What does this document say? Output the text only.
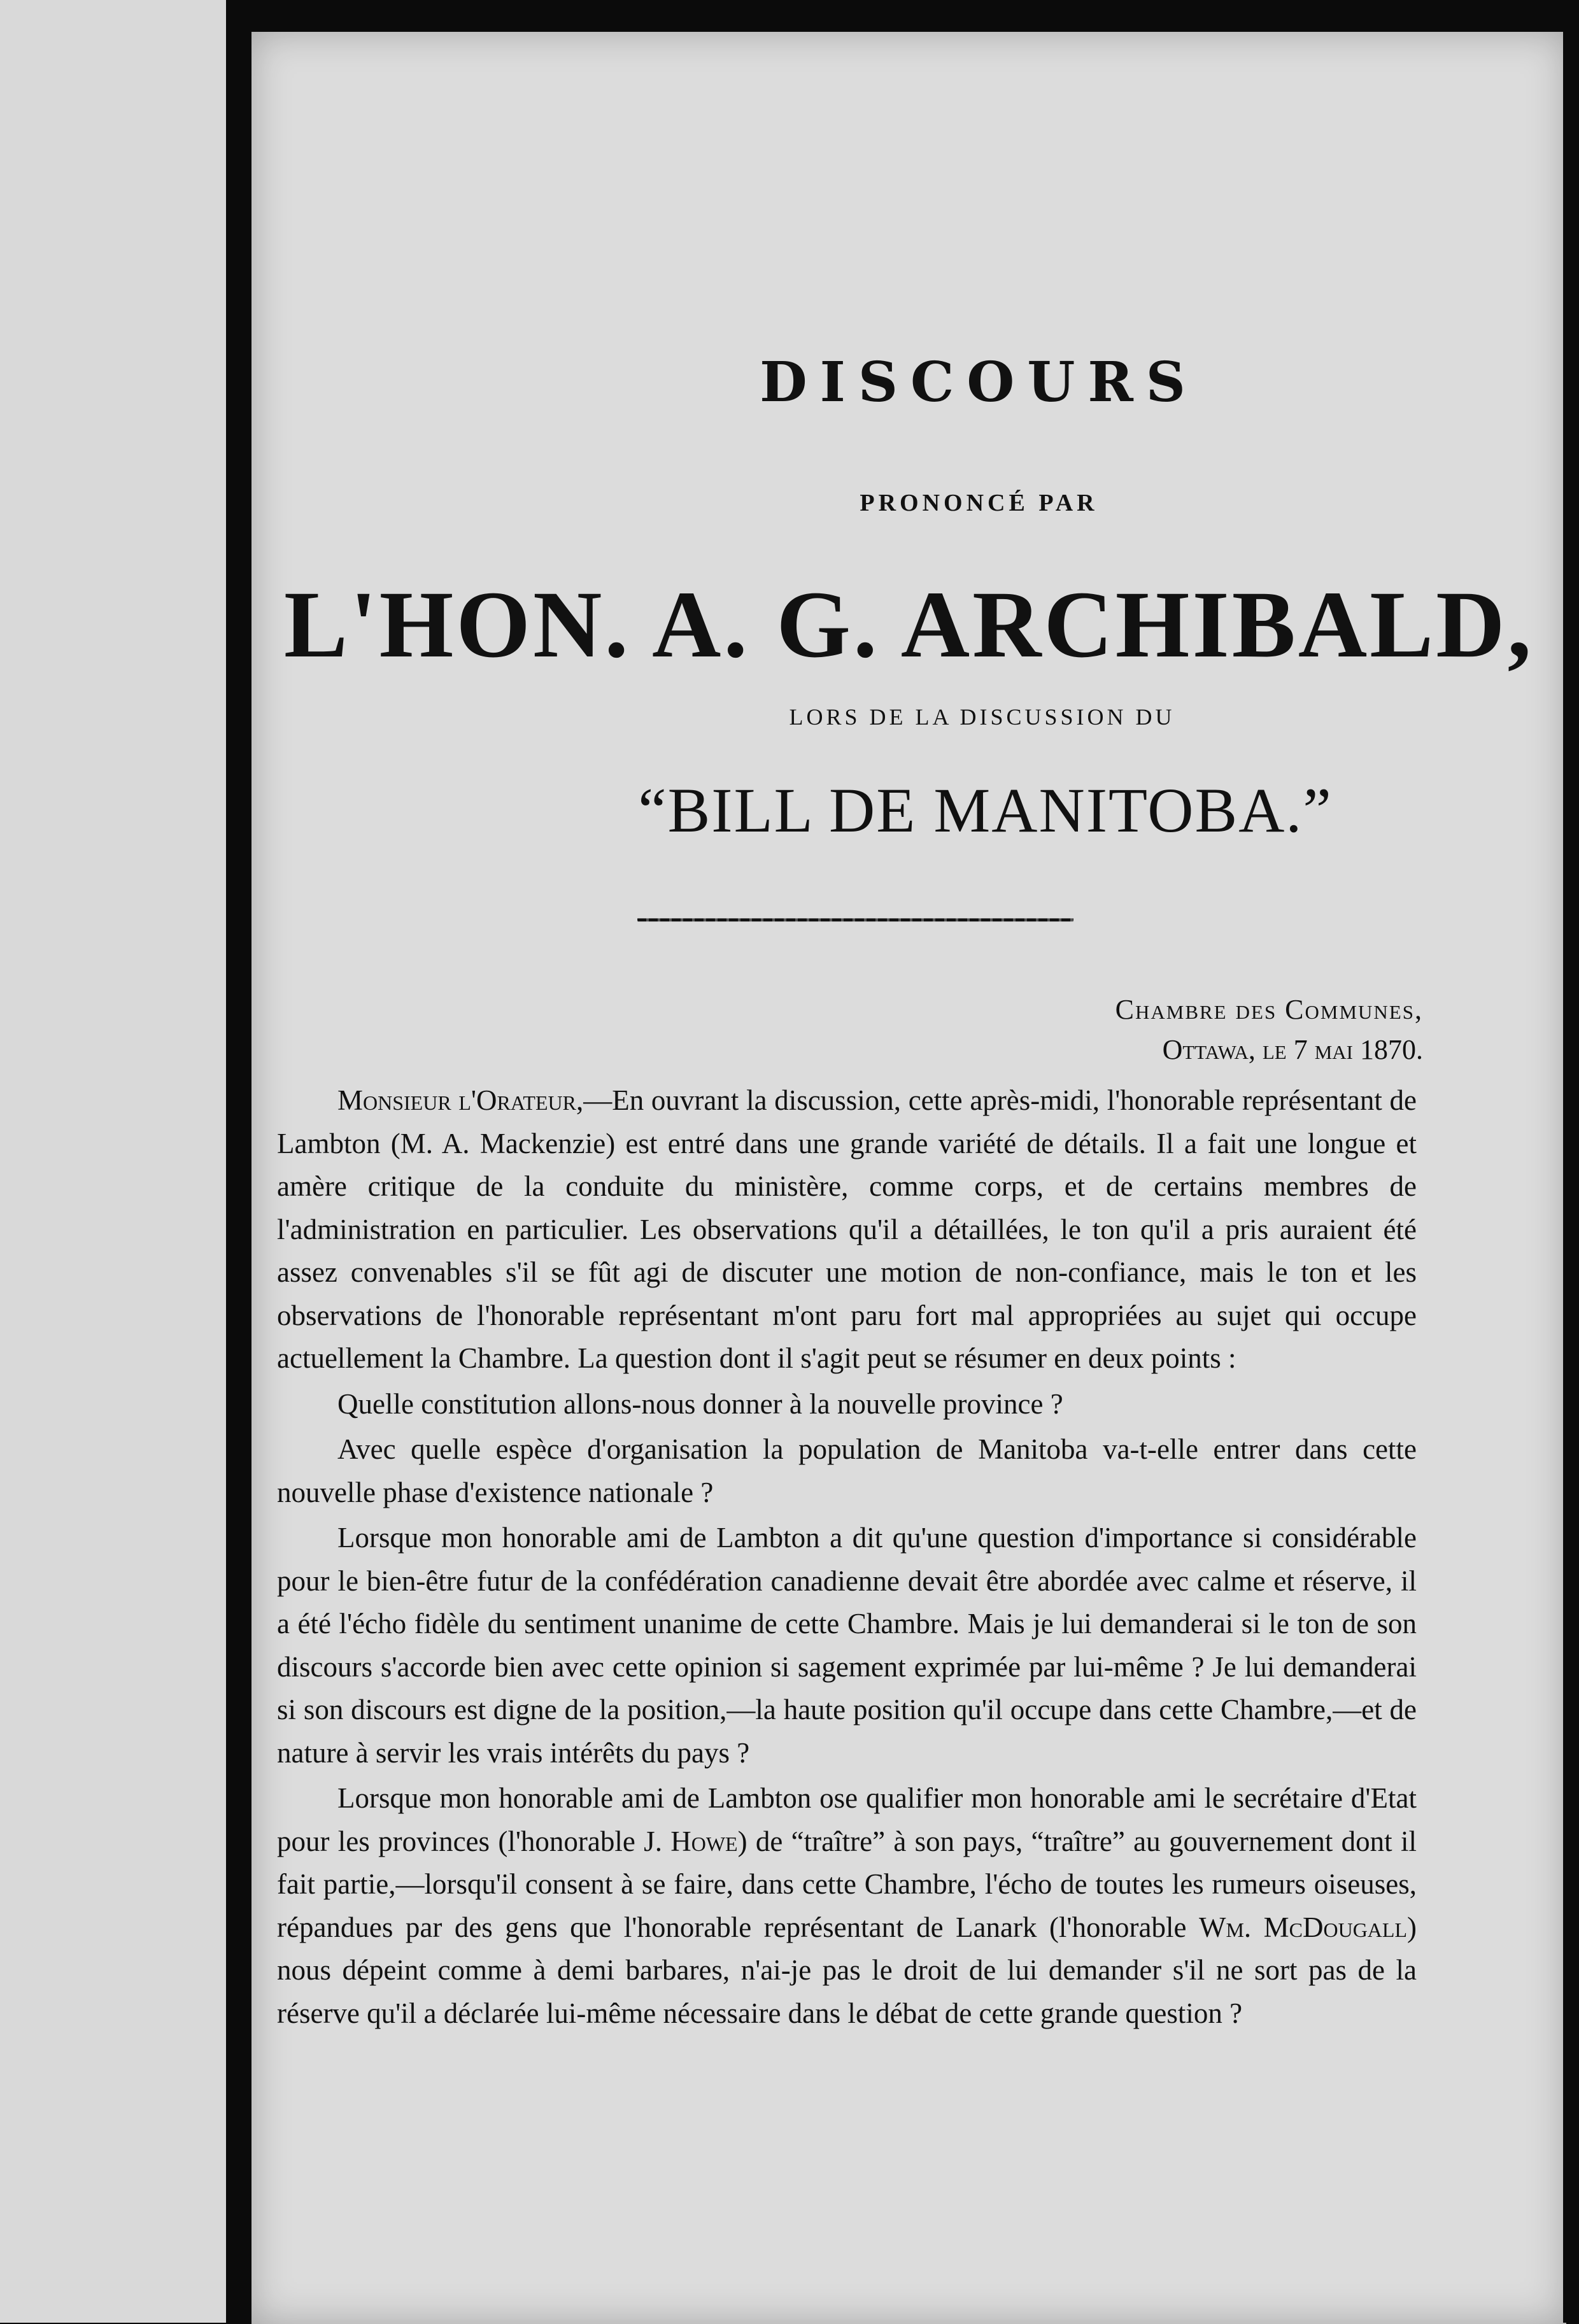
DISCOURS
PRONONCÉ PAR
L'HON. A. G. ARCHIBALD,
LORS DE LA DISCUSSION DU
“BILL DE MANITOBA.”
Chambre des Communes,
Ottawa, le 7 mai 1870.

Monsieur l'Orateur,—En ouvrant la discussion, cette après-midi, l'honorable représentant de Lambton (M. A. Mackenzie) est entré dans une grande variété de détails. Il a fait une longue et amère critique de la conduite du ministère, comme corps, et de certains membres de l'administration en particulier. Les observations qu'il a détaillées, le ton qu'il a pris auraient été assez convenables s'il se fût agi de discuter une motion de non-confiance, mais le ton et les observations de l'honorable représentant m'ont paru fort mal appropriées au sujet qui occupe actuellement la Chambre. La question dont il s'agit peut se résumer en deux points :

Quelle constitution allons-nous donner à la nouvelle province ?

Avec quelle espèce d'organisation la population de Manitoba va-t-elle entrer dans cette nouvelle phase d'existence nationale ?

Lorsque mon honorable ami de Lambton a dit qu'une question d'importance si considérable pour le bien-être futur de la confédération canadienne devait être abordée avec calme et réserve, il a été l'écho fidèle du sentiment unanime de cette Chambre. Mais je lui demanderai si le ton de son discours s'accorde bien avec cette opinion si sagement exprimée par lui-même ? Je lui demanderai si son discours est digne de la position,—la haute position qu'il occupe dans cette Chambre,—et de nature à servir les vrais intérêts du pays ?

Lorsque mon honorable ami de Lambton ose qualifier mon honorable ami le secrétaire d'Etat pour les provinces (l'honorable J. Howe) de “traître” à son pays, “traître” au gouvernement dont il fait partie,—lorsqu'il consent à se faire, dans cette Chambre, l'écho de toutes les rumeurs oiseuses, répandues par des gens que l'honorable représentant de Lanark (l'honorable Wm. McDougall) nous dépeint comme à demi barbares, n'ai-je pas le droit de lui demander s'il ne sort pas de la réserve qu'il a déclarée lui-même nécessaire dans le débat de cette grande question ?
